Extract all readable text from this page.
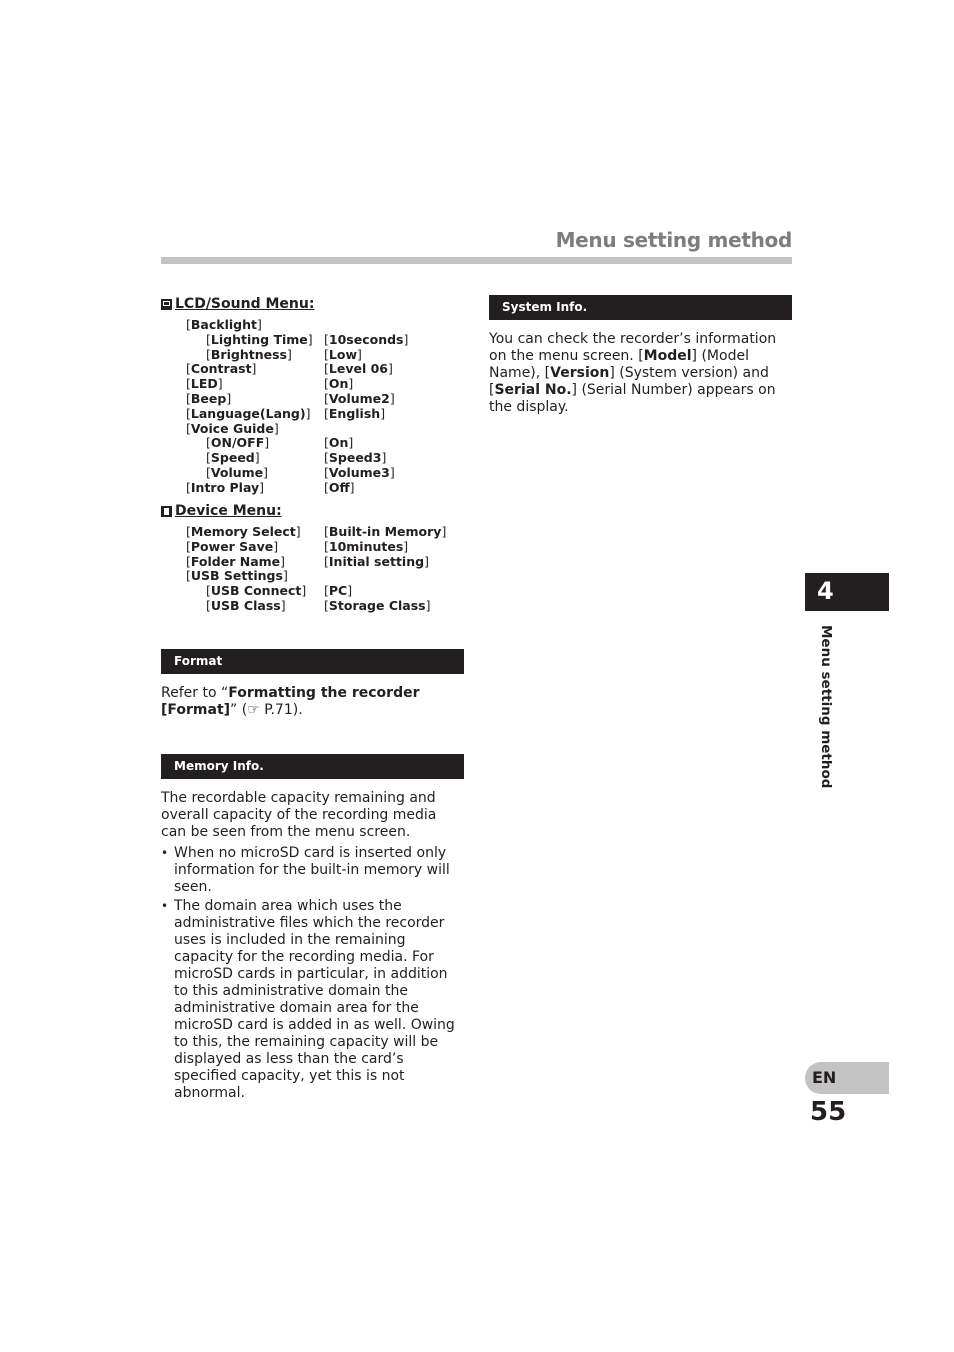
Menu setting method
LCD/Sound Menu:
[ Backlight ]
[ Lighting Time ]	[ 10seconds ]
[ Brightness ]	[ Low ]
[ Contrast ]	[ Level 06 ]
[ LED ]	[ On ]
[ Beep ]	[ Volume2 ]
[ Language(Lang) ]	[ English ]
[ Voice Guide ]
[ ON/OFF ]	[ On ]
[ Speed ]	[ Speed3 ]
[ Volume ]	[ Volume3 ]
[ Intro Play ]	[ Off ]
Device Menu:
[ Memory Select ]	[ Built-in Memory ]
[ Power Save ]	[ 10minutes ]
[ Folder Name ]	[ Initial setting ]
[ USB Settings ]
[ USB Connect ]	[ PC ]
[ USB Class ]	[ Storage Class ]
Format
Refer to “Formatting the recorder
[Format]” (☞ P.71).
Memory Info.
The recordable capacity remaining and overall capacity of the recording media can be seen from the menu screen.
• When no microSD card is inserted only information for the built-in memory will seen.
• The domain area which uses the administrative files which the recorder uses is included in the remaining capacity for the recording media. For microSD cards in particular, in addition to this administrative domain the administrative domain area for the microSD card is added in as well. Owing to this, the remaining capacity will be displayed as less than the card’s specified capacity, yet this is not abnormal.
System Info.
You can check the recorder’s information on the menu screen. [Model] (Model Name), [Version] (System version) and [Serial No.] (Serial Number) appears on the display.
4
Menu setting method
EN
55
